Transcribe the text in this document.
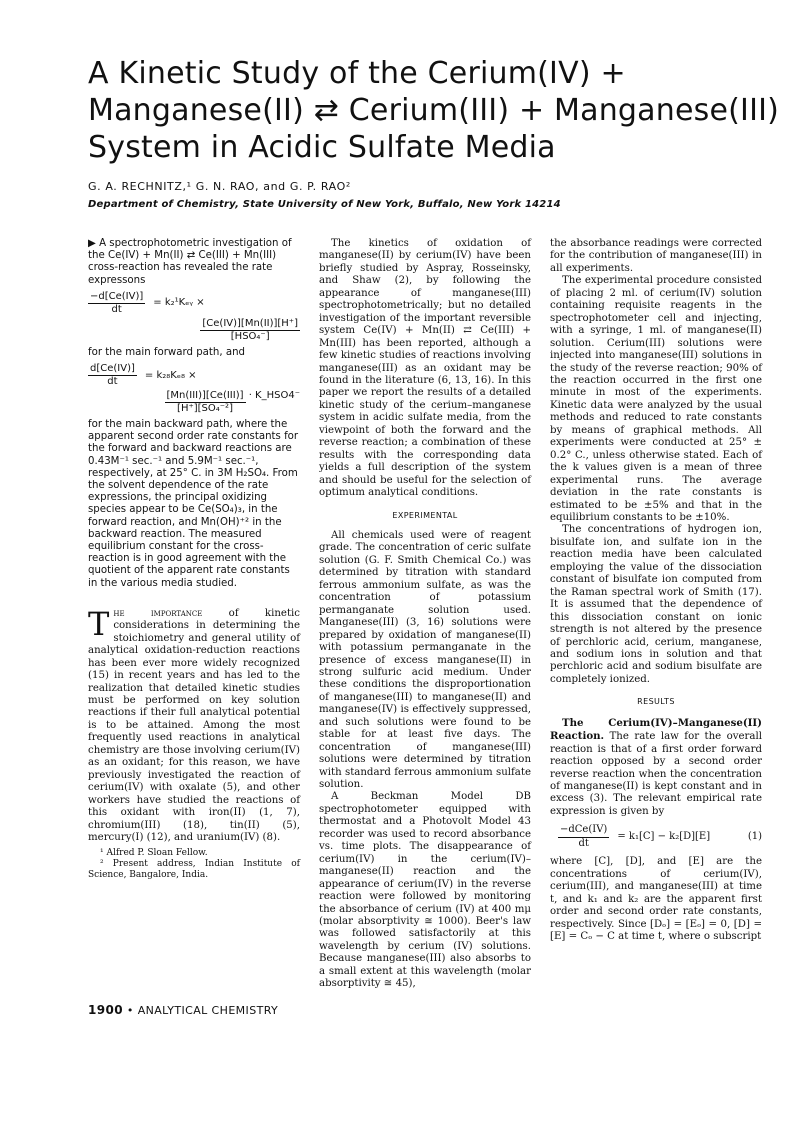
A Kinetic Study of the Cerium(IV) + Manganese(II) ⇄ Cerium(III) + Manganese(III) System in Acidic Sulfate Media
G. A. RECHNITZ,¹ G. N. RAO, and G. P. RAO²
Department of Chemistry, State University of New York, Buffalo, New York 14214

▶ A spectrophotometric investigation of the Ce(IV) + Mn(II) ⇄ Ce(III) + Mn(III) cross-reaction has revealed the rate expressons

$\frac{-d[Ce(IV)]}{dt}$ = k₂¹Kₑᵧ ×
$\frac{[Ce(IV)][Mn(II)][H^+]}{\text{[HSO₄⁻]}}$

for the main forward path, and

$\frac{d[Ce(IV)]}{dt} = k_{28}K_{e8}$ ×
$\frac{\text{[Mn(III)][Ce(III)]}}{\text{[H⁺][SO₄⁻²]}}$ · K_HSO4⁻

for the main backward path, where the apparent second order rate constants for the forward and backward reactions are 0.43M⁻¹ sec.⁻¹ and 5.9M⁻¹ sec.⁻¹, respectively, at 25° C. in 3M H₂SO₄. From the solvent dependence of the rate expressions, the principal oxidizing species appear to be Ce(SO₄)₃, in the forward reaction, and Mn(OH)⁺² in the backward reaction. The measured equilibrium constant for the cross-reaction is in good agreement with the quotient of the apparent rate constants in the various media studied.

The importance of kinetic considerations in determining the stoichiometry and general utility of analytical oxidation-reduction reactions has been ever more widely recognized (15) in recent years and has led to the realization that detailed kinetic studies must be performed on key solution reactions if their full analytical potential is to be attained. Among the most frequently used reactions in analytical chemistry are those involving cerium(IV) as an oxidant; for this reason, we have previously investigated the reaction of cerium(IV) with oxalate (5), and other workers have studied the reactions of this oxidant with iron(II) (1, 7), chromium(III) (18), tin(II) (5), mercury(I) (12), and uranium(IV) (8).

¹ Alfred P. Sloan Fellow.

² Present address, Indian Institute of Science, Bangalore, India.

The kinetics of oxidation of manganese(II) by cerium(IV) have been briefly studied by Aspray, Rosseinsky, and Shaw (2), by following the appearance of manganese(III) spectrophotometrically; but no detailed investigation of the important reversible system Ce(IV) + Mn(II) ⇄ Ce(III) + Mn(III) has been reported, although a few kinetic studies of reactions involving manganese(III) as an oxidant may be found in the literature (6, 13, 16). In this paper we report the results of a detailed kinetic study of the cerium–manganese system in acidic sulfate media, from the viewpoint of both the forward and the reverse reaction; a combination of these results with the corresponding data yields a full description of the system and should be useful for the selection of optimum analytical conditions.

EXPERIMENTAL

All chemicals used were of reagent grade. The concentration of ceric sulfate solution (G. F. Smith Chemical Co.) was determined by titration with standard ferrous ammonium sulfate, as was the concentration of potassium permanganate solution used. Manganese(III) (3, 16) solutions were prepared by oxidation of manganese(II) with potassium permanganate in the presence of excess manganese(II) in strong sulfuric acid medium. Under these conditions the disproportionation of manganese(III) to manganese(II) and manganese(IV) is effectively suppressed, and such solutions were found to be stable for at least five days. The concentration of manganese(III) solutions were determined by titration with standard ferrous ammonium sulfate solution.

A Beckman Model DB spectrophotometer equipped with thermostat and a Photovolt Model 43 recorder was used to record absorbance vs. time plots. The disappearance of cerium(IV) in the cerium(IV)–manganese(II) reaction and the appearance of cerium(IV) in the reverse reaction were followed by monitoring the absorbance of cerium (IV) at 400 mμ (molar absorptivity ≅ 1000). Beer's law was followed satisfactorily at this wavelength by cerium (IV) solutions. Because manganese(III) also absorbs to a small extent at this wavelength (molar absorptivity ≅ 45),

the absorbance readings were corrected for the contribution of manganese(III) in all experiments.

The experimental procedure consisted of placing 2 ml. of cerium(IV) solution containing requisite reagents in the spectrophotometer cell and injecting, with a syringe, 1 ml. of manganese(II) solution. Cerium(III) solutions were injected into manganese(III) solutions in the study of the reverse reaction; 90% of the reaction occurred in the first one minute in most of the experiments. Kinetic data were analyzed by the usual methods and reduced to rate constants by means of graphical methods. All experiments were conducted at 25° ± 0.2° C., unless otherwise stated. Each of the k values given is a mean of three experimental runs. The average deviation in the rate constants is estimated to be ±5% and that in the equilibrium constants to be ±10%.

The concentrations of hydrogen ion, bisulfate ion, and sulfate ion in the reaction media have been calculated employing the value of the dissociation constant of bisulfate ion computed from the Raman spectral work of Smith (17). It is assumed that the dependence of this dissociation constant on ionic strength is not altered by the presence of perchloric acid, cerium, manganese, and sodium ions in solution and that perchloric acid and sodium bisulfate are completely ionized.

RESULTS

The Cerium(IV)–Manganese(II) Reaction. The rate law for the overall reaction is that of a first order forward reaction opposed by a second order reverse reaction when the concentration of manganese(II) is kept constant and in excess (3). The relevant empirical rate expression is given by

$\frac{\text{−dCe(IV)}}{dt} = k_1[C] - k_2[D][E]$	(1)

where [C], [D], and [E] are the concentrations of cerium(IV), cerium(III), and manganese(III) at time t, and k₁ and k₂ are the apparent first order and second order rate constants, respectively. Since [Dₒ] = [Eₒ] = 0, [D] = [E] = Cₒ − C at time t, where o subscript

1900 • ANALYTICAL CHEMISTRY
